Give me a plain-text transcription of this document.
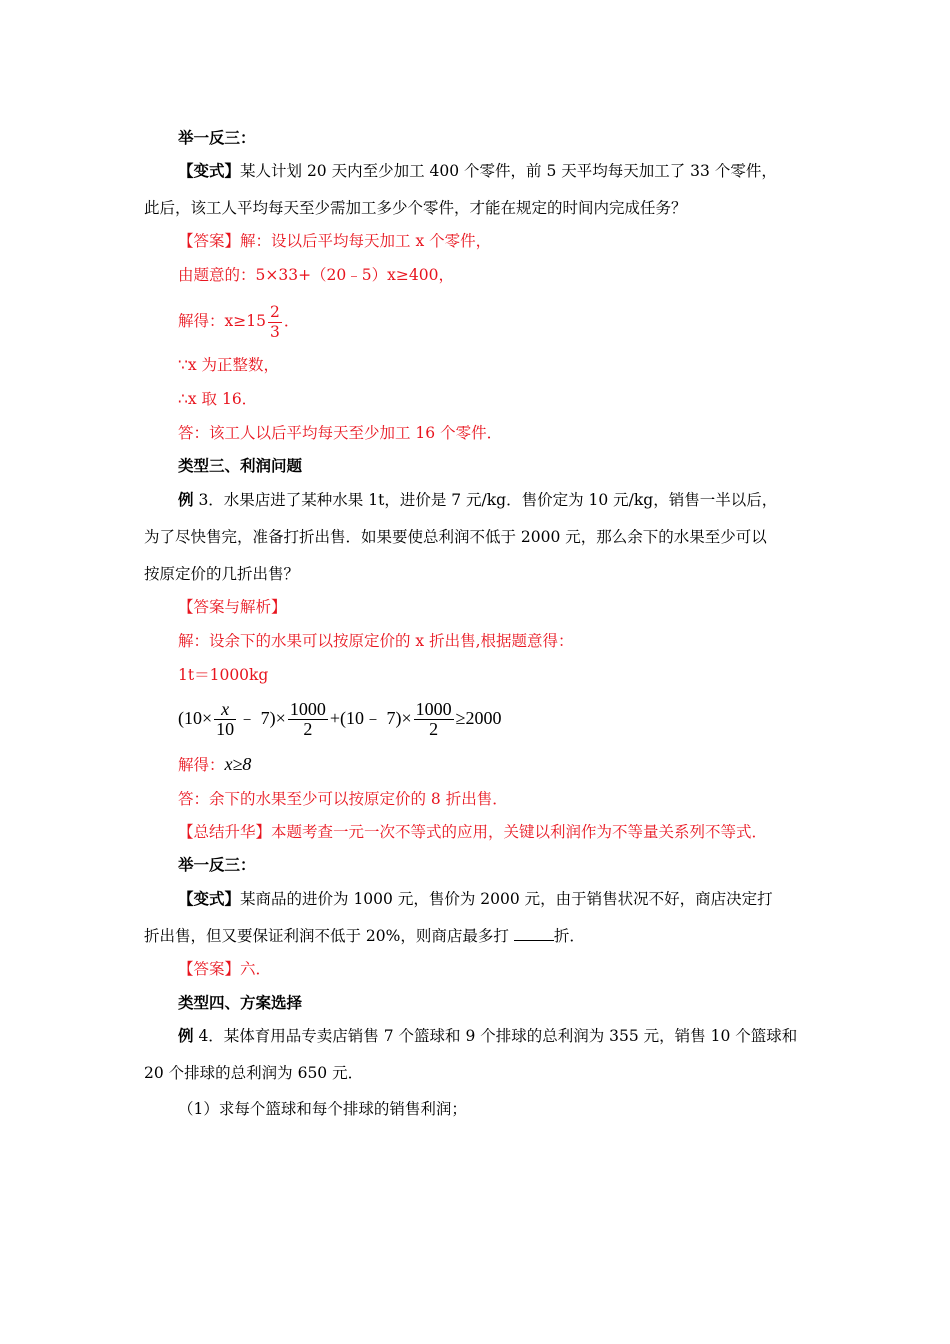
举一反三：
【变式】某人计划 20 天内至少加工 400 个零件，前 5 天平均每天加工了 33 个零件，
此后，该工人平均每天至少需加工多少个零件，才能在规定的时间内完成任务？
【答案】解：设以后平均每天加工 x 个零件，
由题意的：5×33+（20﹣5）x≥400，
解得：$x\ge 15 \frac{2}{3}$ ．
∵x 为正整数，
∴x 取 16．
答：该工人以后平均每天至少加工 16 个零件．
类型三、利润问题
例 3．水果店进了某种水果 1t，进价是 7 元/kg．售价定为 10 元/kg，销售一半以后，
为了尽快售完，准备打折出售．如果要使总利润不低于 2000 元，那么余下的水果至少可以
按原定价的几折出售？
【答案与解析】
解：设余下的水果可以按原定价的 x 折出售,根据题意得：
1t＝1000kg
($10\times \frac{x}{10}$ ﹣ $7)\times \frac{1000}{2}$ +(10﹣ $7)\times \frac{1000}{2} \ge 2000$
解得：x≥8
答：余下的水果至少可以按原定价的 8 折出售．
【总结升华】本题考查一元一次不等式的应用，关键以利润作为不等量关系列不等式．
举一反三：
【变式】某商品的进价为 1000 元，售价为 2000 元，由于销售状况不好，商店决定打
折出售，但又要保证利润不低于 20%，则商店最多打	折．
【答案】六．
类型四、方案选择
例 4．某体育用品专卖店销售 7 个篮球和 9 个排球的总利润为 355 元，销售 10 个篮球和
20 个排球的总利润为 650 元．
（1）求每个篮球和每个排球的销售利润；
